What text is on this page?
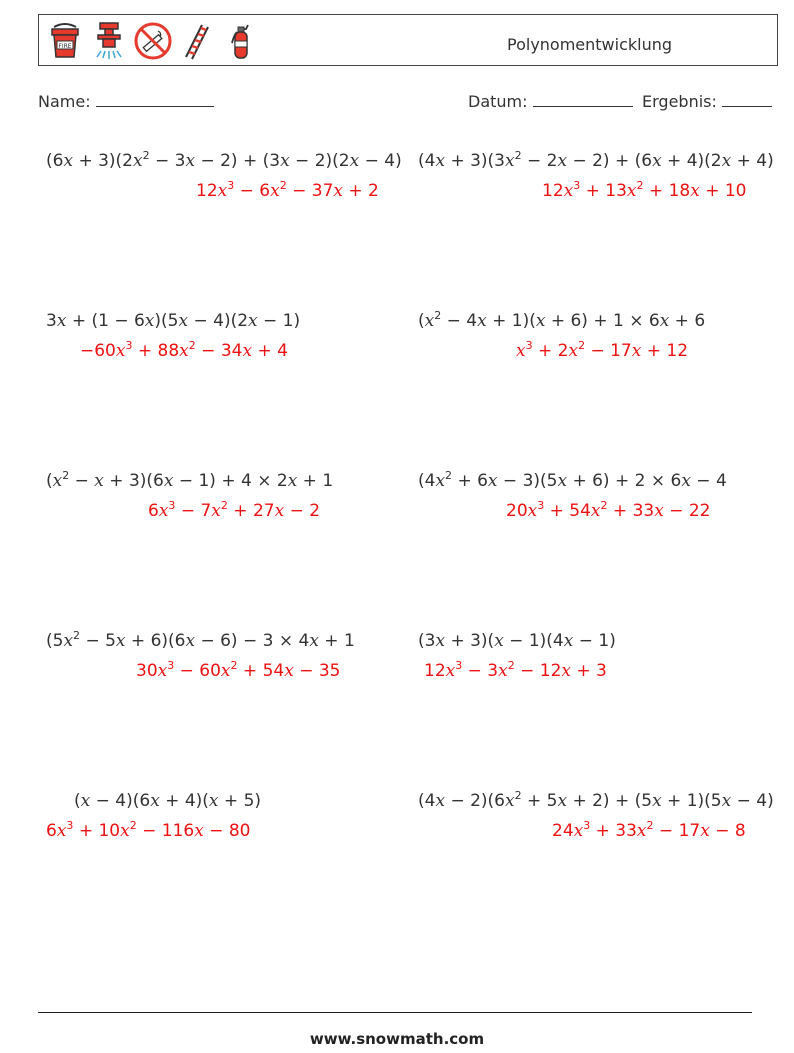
FIRE	Polynomentwicklung
Name:	Datum:	Ergebnis:
$(6x + 3)(2x^2 - 3x - 2) + (3x - 2)(2x - 4)$
$12x^3 - 6x^2 - 37x + 2$
$(4x + 3)(3x^2 - 2x - 2) + (6x + 4)(2x + 4)$
$12x^3 + 13x^2 + 18x + 10$
3x + (1 − 6x)(5x − 4)(2x − 1)
$-60x^3 + 88x^2 - 34x + 4$
$(x^2 - 4x + 1)(x + 6) + 1 \times 6x + 6$
$x^3 + 2x^2 - 17x + 12$
$(x^2 - x + 3)(6x - 1) + 4 \times 2x + 1$
$6x^3 - 7x^2 + 27x - 2$
$(4x^2 + 6x - 3)(5x + 6) + 2 \times 6x - 4$
$20x^3 + 54x^2 + 33x - 22$
$(5x^2 - 5x + 6)(6x - 6) - 3 \times 4x + 1$
$30x^3 - 60x^2 + 54x - 35$
(3x + 3)(x − 1)(4x − 1)
$12x^3 - 3x^2 - 12x + 3$
(x − 4)(6x + 4)(x + 5)
$6x^3 + 10x^2 - 116x - 80$
$(4x - 2)(6x^2 + 5x + 2) + (5x + 1)(5x - 4)$
$24x^3 + 33x^2 - 17x - 8$
www.snowmath.com
